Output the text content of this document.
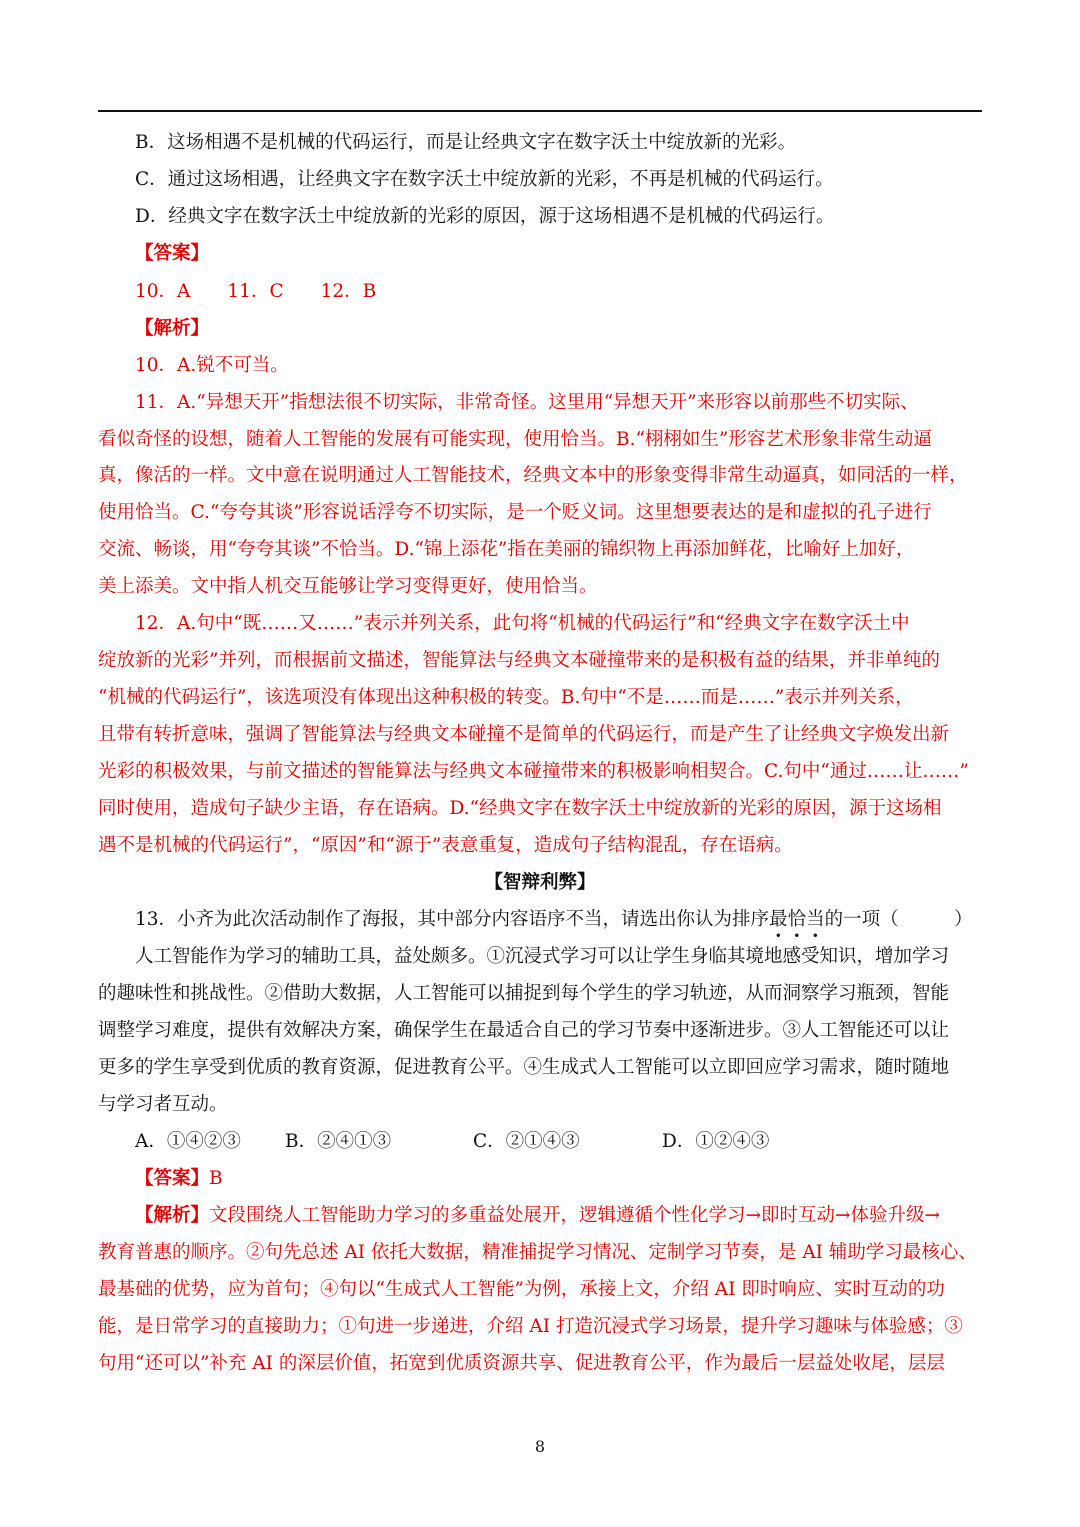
B．这场相遇不是机械的代码运行，而是让经典文字在数字沃土中绽放新的光彩。
C．通过这场相遇，让经典文字在数字沃土中绽放新的光彩，不再是机械的代码运行。
D．经典文字在数字沃土中绽放新的光彩的原因，源于这场相遇不是机械的代码运行。
【答案】
10．A　　11．C　　12．B
【解析】
10．A.锐不可当。
11．A.“异想天开”指想法很不切实际，非常奇怪。这里用“异想天开”来形容以前那些不切实际、
看似奇怪的设想，随着人工智能的发展有可能实现，使用恰当。B.“栩栩如生”形容艺术形象非常生动逼
真，像活的一样。文中意在说明通过人工智能技术，经典文本中的形象变得非常生动逼真，如同活的一样，
使用恰当。C.“夸夸其谈”形容说话浮夸不切实际，是一个贬义词。这里想要表达的是和虚拟的孔子进行
交流、畅谈，用“夸夸其谈”不恰当。D.“锦上添花”指在美丽的锦织物上再添加鲜花，比喻好上加好，
美上添美。文中指人机交互能够让学习变得更好，使用恰当。
12．A.句中“既……又……”表示并列关系，此句将“机械的代码运行”和“经典文字在数字沃土中
绽放新的光彩”并列，而根据前文描述，智能算法与经典文本碰撞带来的是积极有益的结果，并非单纯的
“机械的代码运行”，该选项没有体现出这种积极的转变。B.句中“不是……而是……”表示并列关系，
且带有转折意味，强调了智能算法与经典文本碰撞不是简单的代码运行，而是产生了让经典文字焕发出新
光彩的积极效果，与前文描述的智能算法与经典文本碰撞带来的积极影响相契合。C.句中“通过……让……”
同时使用，造成句子缺少主语，存在语病。D.“经典文字在数字沃土中绽放新的光彩的原因，源于这场相
遇不是机械的代码运行”，“原因”和“源于”表意重复，造成句子结构混乱，存在语病。
【智辩利弊】
13．小齐为此次活动制作了海报，其中部分内容语序不当，请选出你认为排序最恰当的一项（　　　）
人工智能作为学习的辅助工具，益处颇多。①沉浸式学习可以让学生身临其境地感受知识，增加学习
的趣味性和挑战性。②借助大数据，人工智能可以捕捉到每个学生的学习轨迹，从而洞察学习瓶颈，智能
调整学习难度，提供有效解决方案，确保学生在最适合自己的学习节奏中逐渐进步。③人工智能还可以让
更多的学生享受到优质的教育资源，促进教育公平。④生成式人工智能可以立即回应学习需求，随时随地
与学习者互动。
A．①④②③ B．②④①③	C．②①④③	D．①②④③
【答案】B
【解析】文段围绕人工智能助力学习的多重益处展开，逻辑遵循个性化学习→即时互动→体验升级→
教育普惠的顺序。②句先总述 AI 依托大数据，精准捕捉学习情况、定制学习节奏，是 AI 辅助学习最核心、
最基础的优势，应为首句；④句以“生成式人工智能”为例，承接上文，介绍 AI 即时响应、实时互动的功
能，是日常学习的直接助力；①句进一步递进，介绍 AI 打造沉浸式学习场景，提升学习趣味与体验感；③
句用“还可以”补充 AI 的深层价值，拓宽到优质资源共享、促进教育公平，作为最后一层益处收尾，层层
8
